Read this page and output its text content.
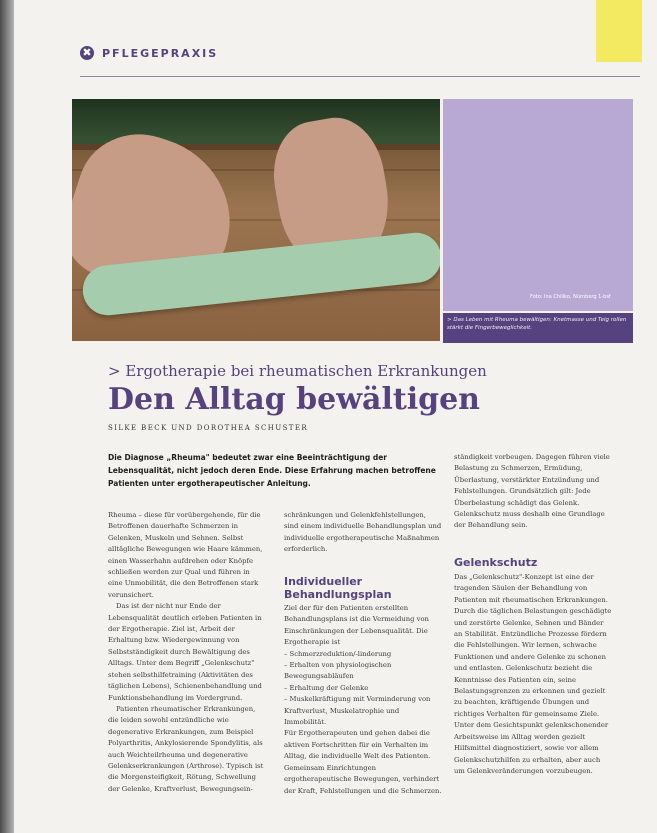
✖ PFLEGEPRAXIS
Foto: Ina Chiliko, Nürnberg 1-bsf
> Das Leben mit Rheuma bewältigen: Knetmasse und Teig rollen stärkt die Fingerbeweglichkeit.
> Ergotherapie bei rheumatischen Erkrankungen
Den Alltag bewältigen
SILKE BECK UND DOROTHEA SCHUSTER

Die Diagnose „Rheuma" bedeutet zwar eine Beeinträchtigung der Lebensqualität, nicht jedoch deren Ende. Diese Erfahrung machen betroffene Patienten unter ergotherapeutischer Anleitung.

Rheuma – diese für vorübergehende, für die Betroffenen dauerhafte Schmerzen in Gelenken, Muskeln und Sehnen. Selbst alltägliche Bewegungen wie Haare kämmen, einen Wasserhahn aufdrehen oder Knöpfe schließen werden zur Qual und führen in eine Unmobilität, die den Betroffenen stark verunsichert.

Das ist der nicht nur Ende der Lebensqualität deutlich erleben Patienten in der Ergotherapie. Ziel ist, Arbeit der Erhaltung bzw. Wiedergewinnung von Selbstständigkeit durch Bewältigung des Alltags. Unter dem Begriff „Gelenkschutz" stehen selbsthilfetraining (Aktivitäten des täglichen Lebens), Schienenbehandlung und Funktionsbehandlung im Vordergrund.

Patienten rheumatischer Erkrankungen, die leiden sowohl entzündliche wie degenerative Erkrankungen, zum Beispiel Polyarthritis, Ankylosierende Spondylitis, als auch Weichteilrheuma und degenerative Gelenkserkrankungen (Arthrose). Typisch ist die Morgensteifigkeit, Rötung, Schwellung der Gelenke, Kraftverlust, Bewegungsein-

schränkungen und Gelenkfehlstellungen, sind einem individuelle Behandlungsplan und individuelle ergotherapeutische Maßnahmen erforderlich.

Individueller Behandlungsplan

Ziel der für den Patienten erstellten Behandlungsplans ist die Vermeidung von Einschränkungen der Lebensqualität. Die Ergotherapie ist

– Schmerzreduktion/-linderung

– Erhalten von physiologischen Bewegungsabläufen

– Erhaltung der Gelenke

– Muskelkräftigung mit Verminderung von Kraftverlust, Muskelatrophie und Immobilität.

Für Ergotherapeuten und gehen dabei die aktiven Fortschritten für ein Verhalten im Alltag, die individuelle Welt des Patienten. Gemeinsam Einrichtungen ergotherapeutische Bewegungen, verhindert der Kraft, Fehlstellungen und die Schmerzen.

ständigkeit vorbeugen. Dagegen führen viele Belastung zu Schmerzen, Ermüdung, Überlastung, verstärkter Entzündung und Fehlstellungen. Grundsätzlich gilt: Jede Überbelastung schädigt das Gelenk. Gelenkschutz muss deshalb eine Grundlage der Behandlung sein.

Gelenkschutz

Das „Gelenkschutz"-Konzept ist eine der tragenden Säulen der Behandlung von Patienten mit rheumatischen Erkrankungen. Durch die täglichen Belastungen geschädigte und zerstörte Gelenke, Sehnen und Bänder an Stabilität. Entzündliche Prozesse fördern die Fehlstellungen. Wir lernen, schwache Funktionen und andere Gelenke zu schonen und entlasten. Gelenkschutz bezieht die Kenntnisse des Patienten ein, seine Belastungsgrenzen zu erkennen und gezielt zu beachten, kräftigende Übungen und richtiges Verhalten für gemeinsame Ziele. Unter dem Gesichtspunkt gelenkschonender Arbeitsweise im Alltag werden gezielt Hilfsmittel diagnostiziert, sowie vor allem Gelenkschutzhilfen zu erhalten, aber auch um Gelenkveränderungen vorzubeugen.
